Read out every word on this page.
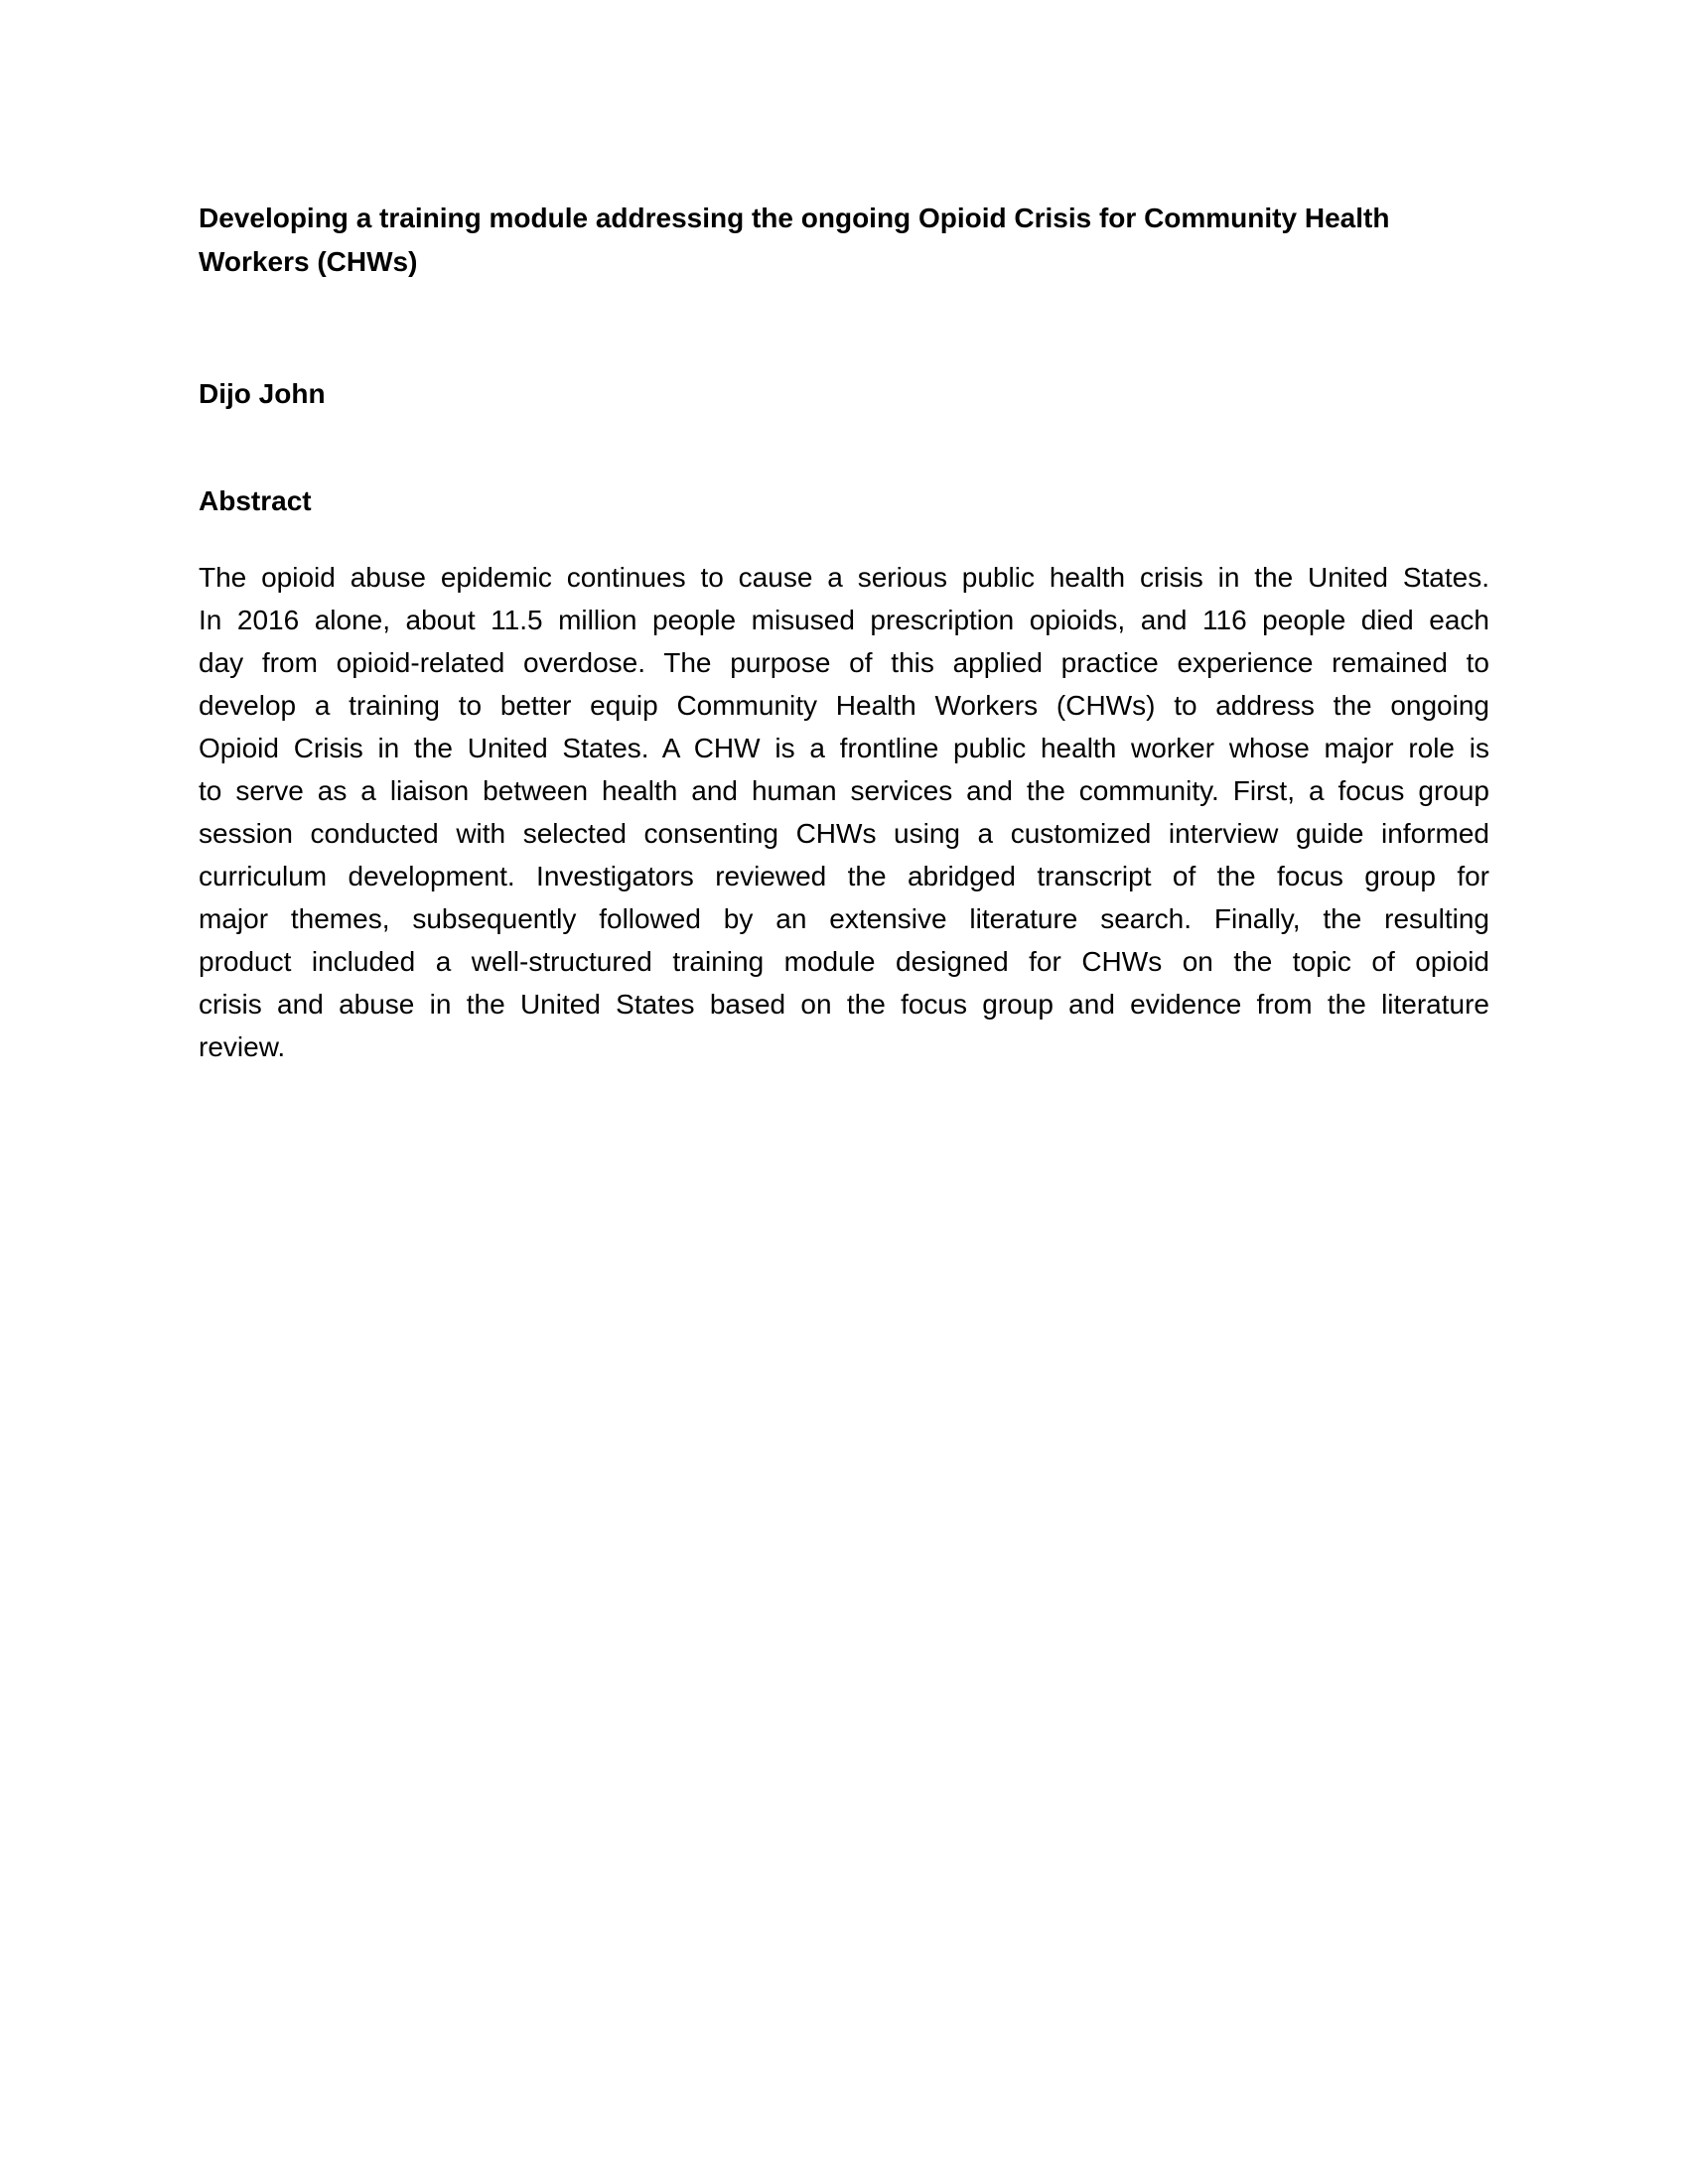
Developing a training module addressing the ongoing Opioid Crisis for Community Health
Workers (CHWs)

Dijo John

Abstract
The opioid abuse epidemic continues to cause a serious public health crisis in the United States.
In 2016 alone, about 11.5 million people misused prescription opioids, and 116 people died each
day from opioid-related overdose. The purpose of this applied practice experience remained to
develop a training to better equip Community Health Workers (CHWs) to address the ongoing
Opioid Crisis in the United States. A CHW is a frontline public health worker whose major role is
to serve as a liaison between health and human services and the community. First, a focus group
session conducted with selected consenting CHWs using a customized interview guide informed
curriculum development. Investigators reviewed the abridged transcript of the focus group for
major themes, subsequently followed by an extensive literature search. Finally, the resulting
product included a well-structured training module designed for CHWs on the topic of opioid
crisis and abuse in the United States based on the focus group and evidence from the literature
review.
